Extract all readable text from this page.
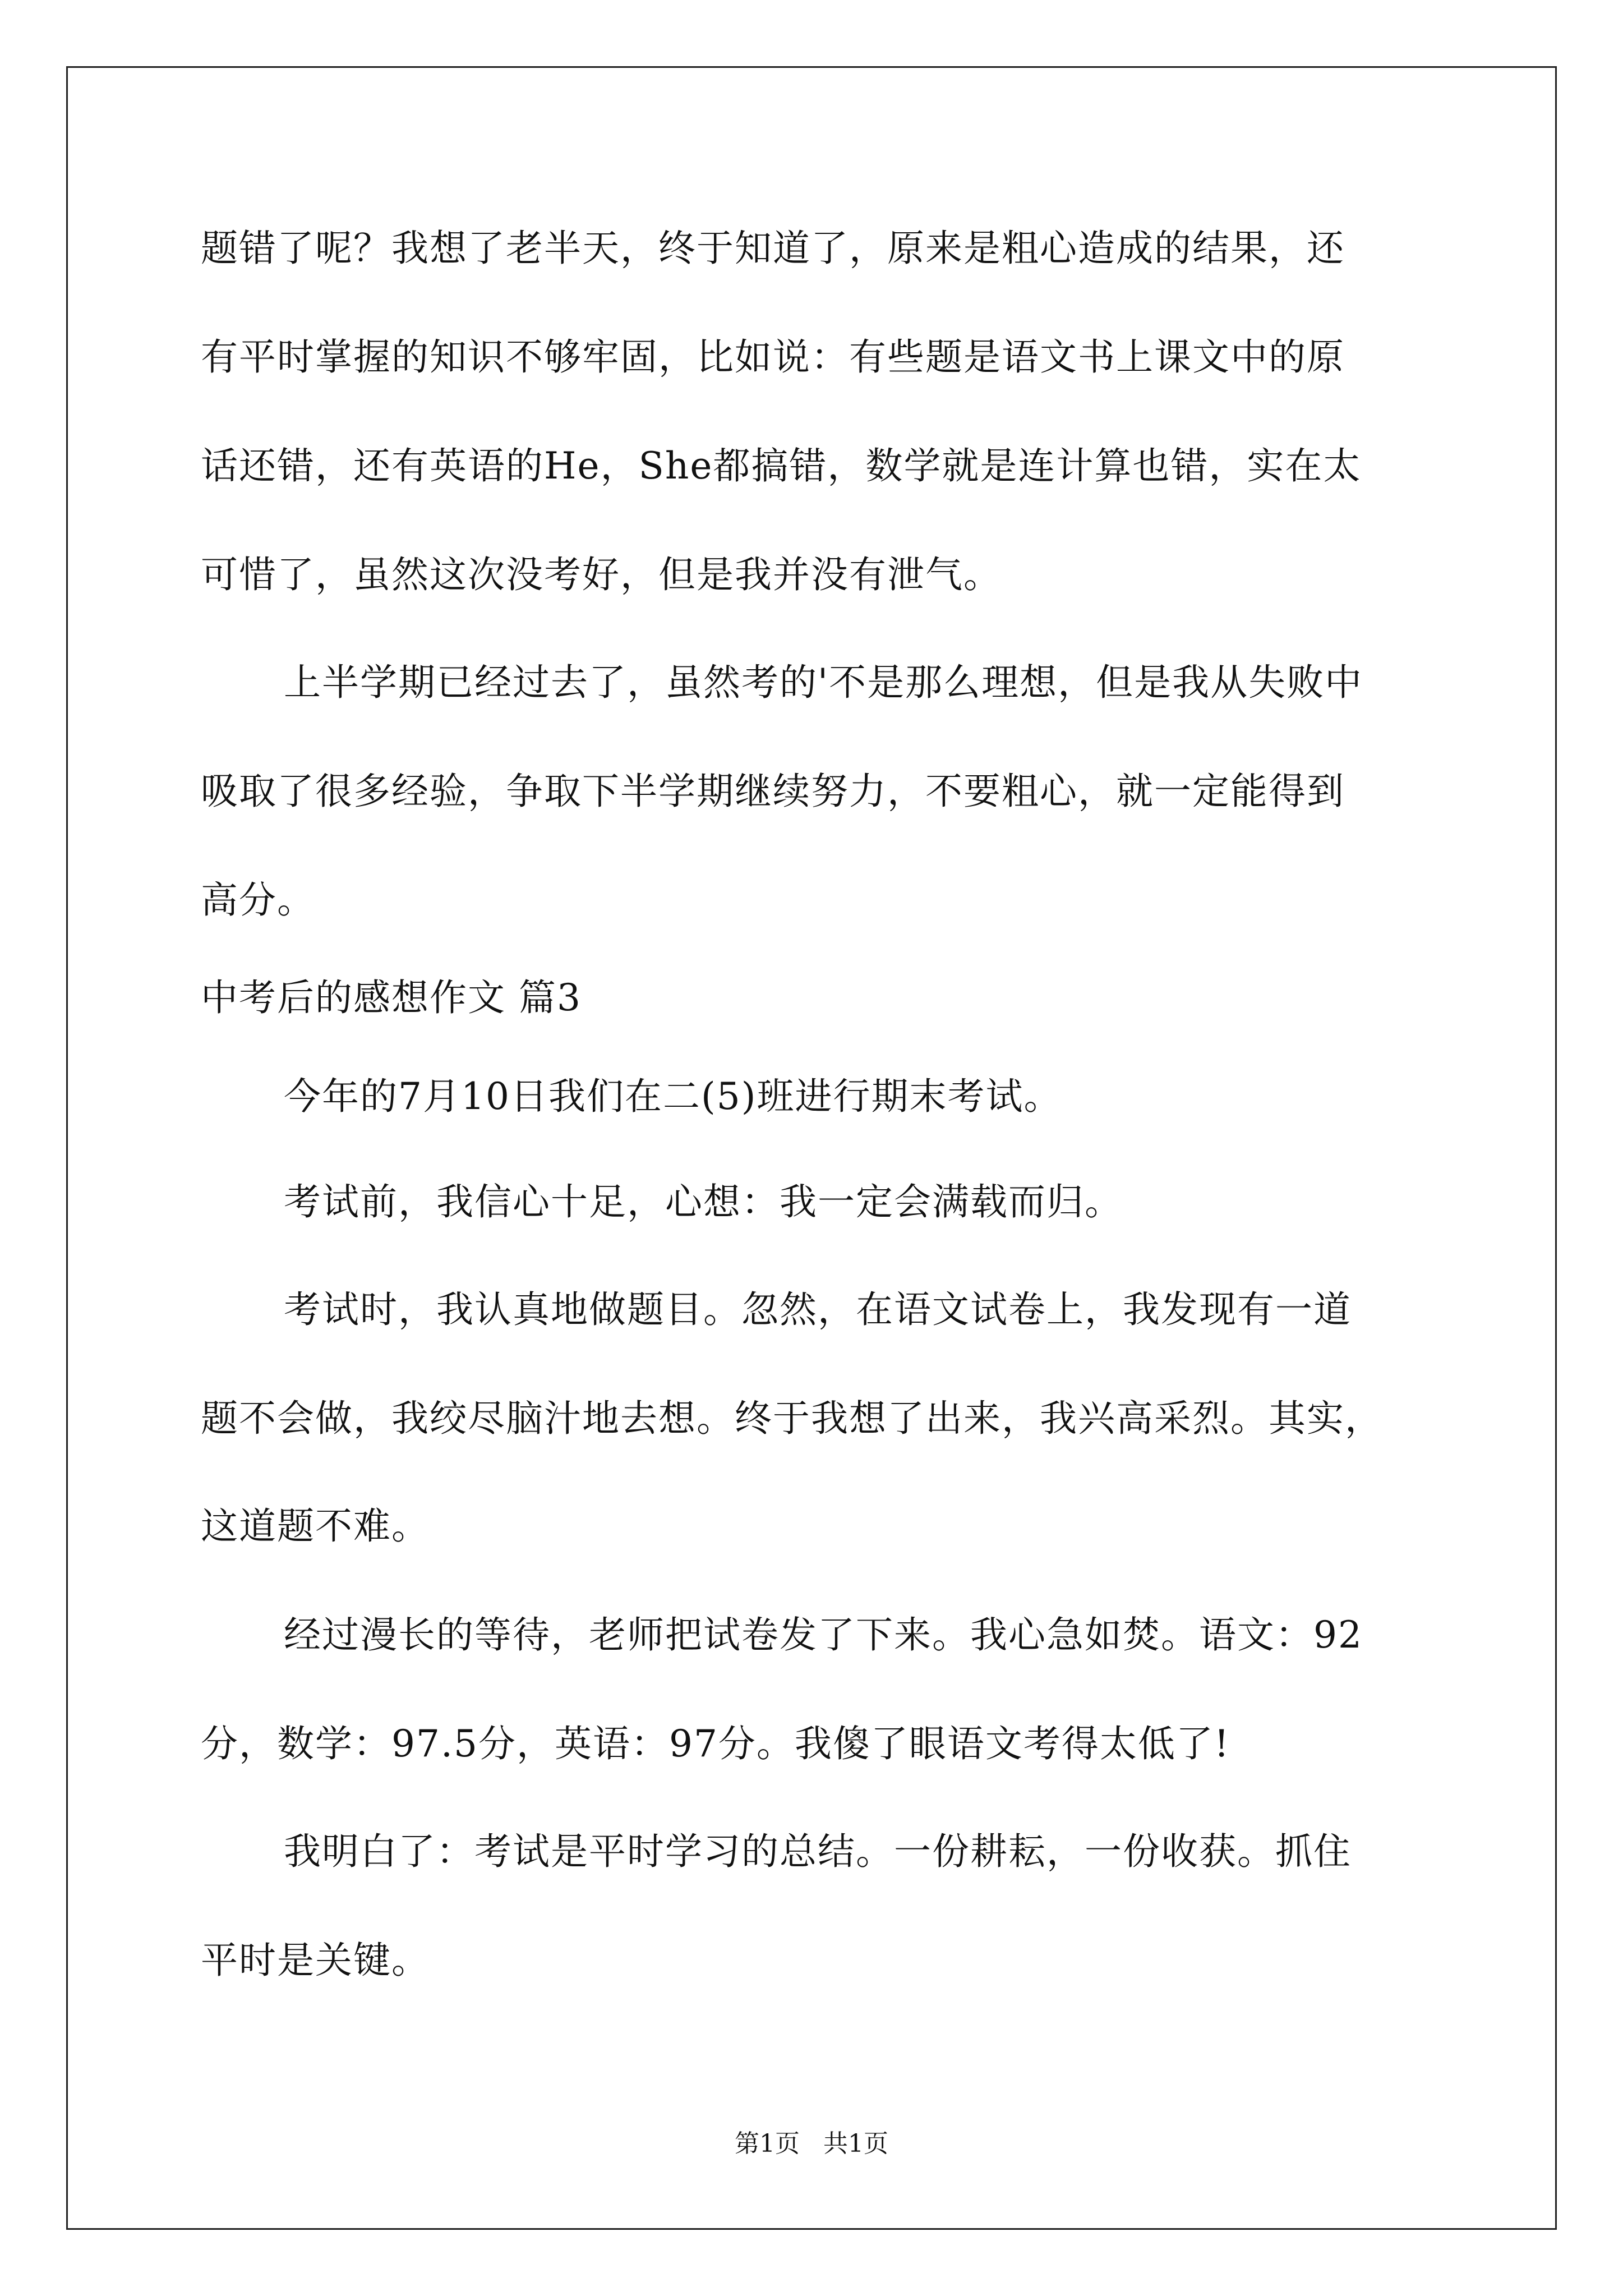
题错了呢？我想了老半天，终于知道了，原来是粗心造成的结果，还
有平时掌握的知识不够牢固，比如说：有些题是语文书上课文中的原
话还错，还有英语的He，She都搞错，数学就是连计算也错，实在太
可惜了，虽然这次没考好，但是我并没有泄气。
上半学期已经过去了，虽然考的'不是那么理想，但是我从失败中
吸取了很多经验，争取下半学期继续努力，不要粗心，就一定能得到
高分。
中考后的感想作文 篇3
今年的7月10日我们在二(5)班进行期末考试。
考试前，我信心十足，心想：我一定会满载而归。
考试时，我认真地做题目。忽然，在语文试卷上，我发现有一道
题不会做，我绞尽脑汁地去想。终于我想了出来，我兴高采烈。其实，
这道题不难。
经过漫长的等待，老师把试卷发了下来。我心急如焚。语文：92
分，数学：97.5分，英语：97分。我傻了眼语文考得太低了!
我明白了：考试是平时学习的总结。一份耕耘，一份收获。抓住
平时是关键。
第1页   共1页
